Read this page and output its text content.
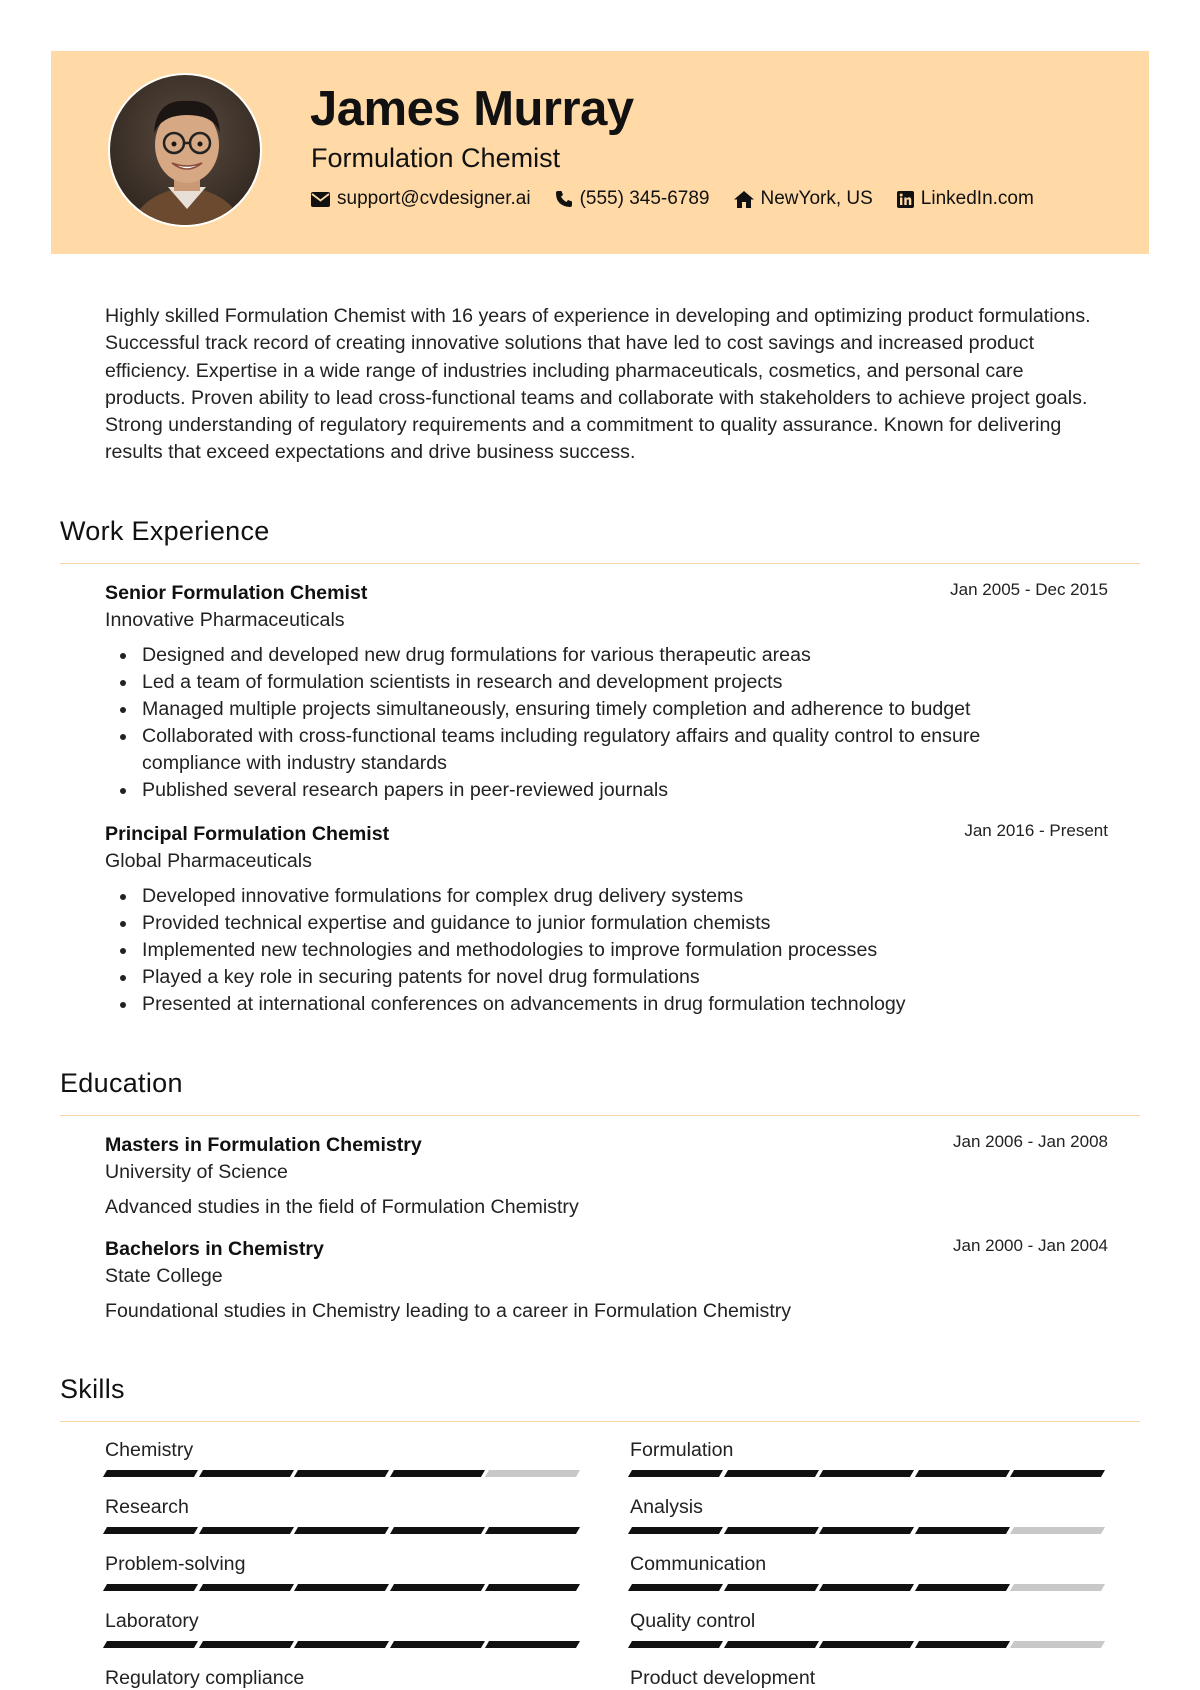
James Murray
Formulation Chemist
support@cvdesigner.ai	(555) 345-6789	NewYork, US	LinkedIn.com
Highly skilled Formulation Chemist with 16 years of experience in developing and optimizing product formulations. Successful track record of creating innovative solutions that have led to cost savings and increased product efficiency. Expertise in a wide range of industries including pharmaceuticals, cosmetics, and personal care products. Proven ability to lead cross-functional teams and collaborate with stakeholders to achieve project goals. Strong understanding of regulatory requirements and a commitment to quality assurance. Known for delivering results that exceed expectations and drive business success.
Work Experience
Senior Formulation Chemist	Jan 2005 - Dec 2015
Innovative Pharmaceuticals
Designed and developed new drug formulations for various therapeutic areas
Led a team of formulation scientists in research and development projects
Managed multiple projects simultaneously, ensuring timely completion and adherence to budget
Collaborated with cross-functional teams including regulatory affairs and quality control to ensure compliance with industry standards
Published several research papers in peer-reviewed journals
Principal Formulation Chemist	Jan 2016 - Present
Global Pharmaceuticals
Developed innovative formulations for complex drug delivery systems
Provided technical expertise and guidance to junior formulation chemists
Implemented new technologies and methodologies to improve formulation processes
Played a key role in securing patents for novel drug formulations
Presented at international conferences on advancements in drug formulation technology
Education
Masters in Formulation Chemistry	Jan 2006 - Jan 2008
University of Science
Advanced studies in the field of Formulation Chemistry
Bachelors in Chemistry	Jan 2000 - Jan 2004
State College
Foundational studies in Chemistry leading to a career in Formulation Chemistry
Skills
Chemistry	Formulation
Research	Analysis
Problem-solving	Communication
Laboratory	Quality control
Regulatory compliance	Product development
